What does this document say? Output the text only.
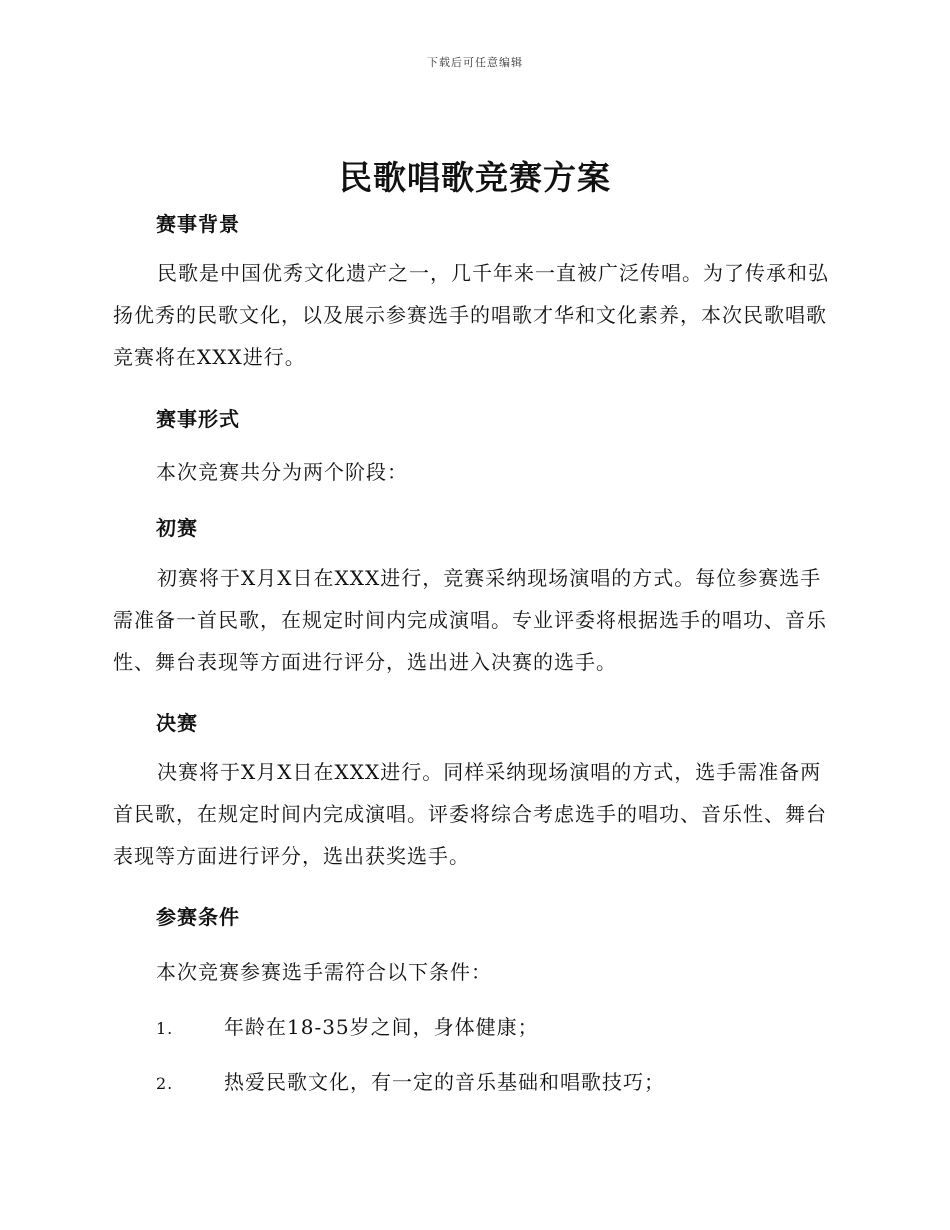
下载后可任意编辑
民歌唱歌竞赛方案
赛事背景
民歌是中国优秀文化遗产之一，几千年来一直被广泛传唱。为了传承和弘扬优秀的民歌文化，以及展示参赛选手的唱歌才华和文化素养，本次民歌唱歌竞赛将在XXX进行。
赛事形式
本次竞赛共分为两个阶段：
初赛
初赛将于X月X日在XXX进行，竞赛采纳现场演唱的方式。每位参赛选手需准备一首民歌，在规定时间内完成演唱。专业评委将根据选手的唱功、音乐性、舞台表现等方面进行评分，选出进入决赛的选手。
决赛
决赛将于X月X日在XXX进行。同样采纳现场演唱的方式，选手需准备两首民歌，在规定时间内完成演唱。评委将综合考虑选手的唱功、音乐性、舞台表现等方面进行评分，选出获奖选手。
参赛条件
本次竞赛参赛选手需符合以下条件：
1.	年龄在18-35岁之间，身体健康；
2.	热爱民歌文化，有一定的音乐基础和唱歌技巧；
